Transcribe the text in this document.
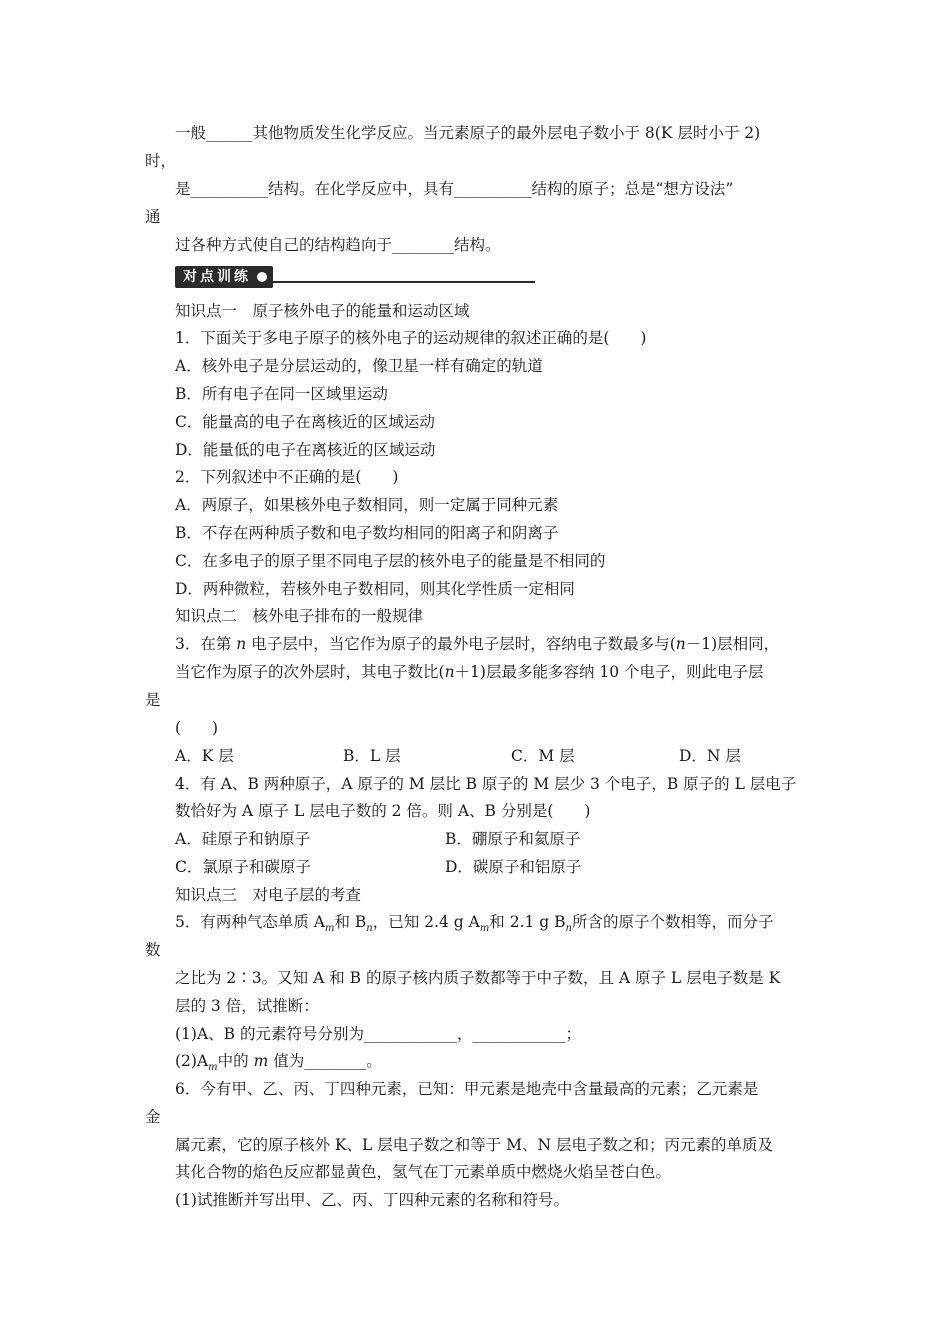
一般______其他物质发生化学反应。当元素原子的最外层电子数小于 8(K 层时小于 2)
时，
是__________结构。在化学反应中，具有__________结构的原子；总是“想方设法”
通
过各种方式使自己的结构趋向于________结构。
对点训练
知识点一　原子核外电子的能量和运动区域
1．下面关于多电子原子的核外电子的运动规律的叙述正确的是(　　)
A．核外电子是分层运动的，像卫星一样有确定的轨道
B．所有电子在同一区域里运动
C．能量高的电子在离核近的区域运动
D．能量低的电子在离核近的区域运动
2．下列叙述中不正确的是(　　)
A．两原子，如果核外电子数相同，则一定属于同种元素
B．不存在两种质子数和电子数均相同的阳离子和阴离子
C．在多电子的原子里不同电子层的核外电子的能量是不相同的
D．两种微粒，若核外电子数相同，则其化学性质一定相同
知识点二　核外电子排布的一般规律
3．在第 n 电子层中，当它作为原子的最外电子层时，容纳电子数最多与(n－1)层相同，
当它作为原子的次外层时，其电子数比(n＋1)层最多能多容纳 10 个电子，则此电子层
是
(　　)
A．K 层	B．L 层	C．M 层	D．N 层
4．有 A、B 两种原子，A 原子的 M 层比 B 原子的 M 层少 3 个电子，B 原子的 L 层电子
数恰好为 A 原子 L 层电子数的 2 倍。则 A、B 分别是(　　)
A．硅原子和钠原子	B．硼原子和氦原子
C．氯原子和碳原子	D．碳原子和铝原子
知识点三　对电子层的考查
5．有两种气态单质 $A_m$和 $B_n$，已知 2.4 g $A_m$和 2.1 g $B_n$所含的原子个数相等，而分子
数
之比为 2∶3。又知 A 和 B 的原子核内质子数都等于中子数，且 A 原子 L 层电子数是 K
层的 3 倍，试推断：
(1)A、B 的元素符号分别为____________，____________；
$(2)A_m$中的 m 值为________。
6．今有甲、乙、丙、丁四种元素，已知：甲元素是地壳中含量最高的元素；乙元素是
金
属元素，它的原子核外 K、L 层电子数之和等于 M、N 层电子数之和；丙元素的单质及
其化合物的焰色反应都显黄色，氢气在丁元素单质中燃烧火焰呈苍白色。
(1)试推断并写出甲、乙、丙、丁四种元素的名称和符号。
